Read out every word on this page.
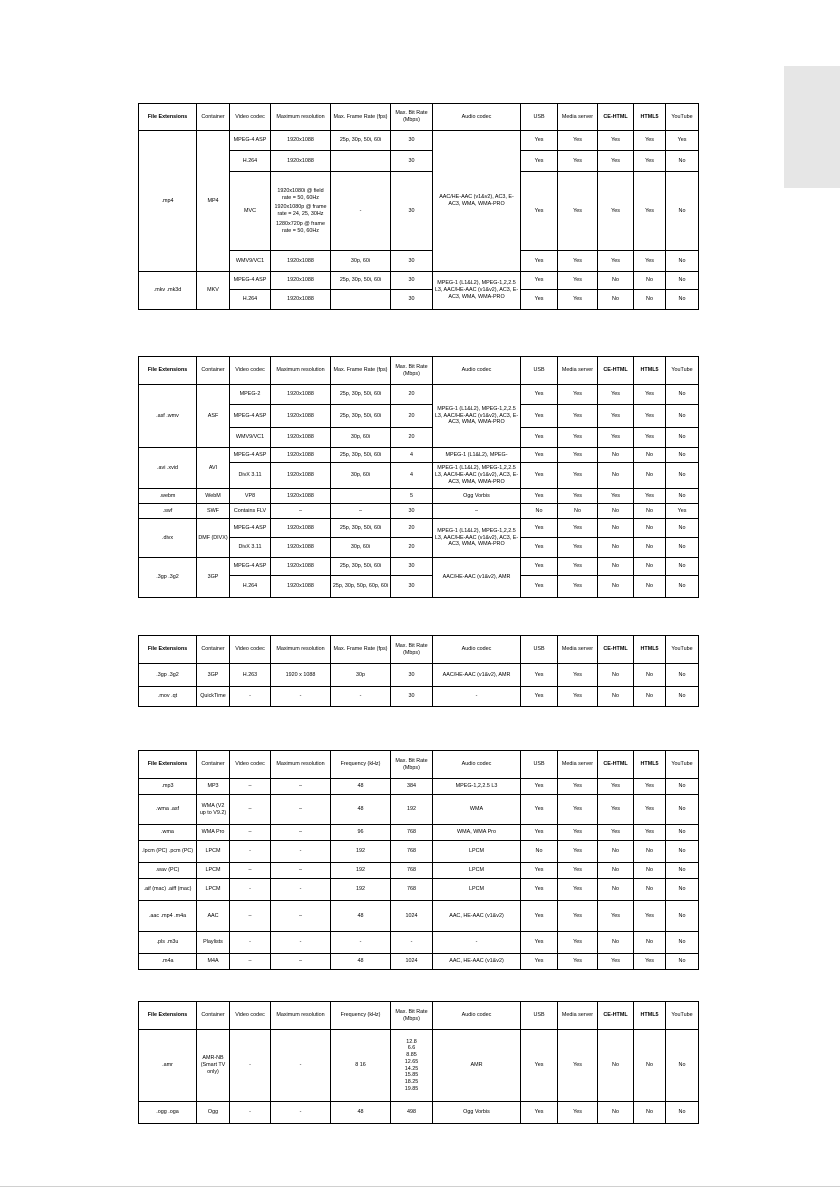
File Extensions	Container	Video codec	Maximum resolution	Max. Frame Rate (fps)	Max. Bit Rate (Mbps)	Audio codec	USB	Media server	CE-HTML	HTML5	YouTube
.mp4	MP4	MPEG-4 ASP	1920x1088	25p, 30p, 50i, 60i	30	AAC/HE-AAC (v1&v2), AC3, E-AC3, WMA, WMA-PRO	Yes	Yes	Yes	Yes	Yes
		H.264	1920x1088		30		Yes	Yes	Yes	Yes	No
		MVC	1920x1080i @ field rate = 50, 60Hz
1920x1080p @ frame rate = 24, 25, 30Hz
1280x720p @ frame rate = 50, 60Hz	-	30		Yes	Yes	Yes	Yes	No
		WMV9/VC1	1920x1088	30p, 60i	30		Yes	Yes	Yes	Yes	No
.mkv .mk3d	MKV	MPEG-4 ASP	1920x1088	25p, 30p, 50i, 60i	30	MPEG-1 (L1&L2), MPEG-1,2,2.5 L3, AAC/HE-AAC (v1&v2), AC3, E-AC3, WMA, WMA-PRO	Yes	Yes	No	No	No
		H.264	1920x1088		30		Yes	Yes	No	No	No
File Extensions	Container	Video codec	Maximum resolution	Max. Frame Rate (fps)	Max. Bit Rate (Mbps)	Audio codec	USB	Media server	CE-HTML	HTML5	YouTube
.asf .wmv	ASF	MPEG-2	1920x1088	25p, 30p, 50i, 60i	20	MPEG-1 (L1&L2), MPEG-1,2,2.5 L3, AAC/HE-AAC (v1&v2), AC3, E-AC3, WMA, WMA-PRO	Yes	Yes	Yes	Yes	No
		MPEG-4 ASP	1920x1088	25p, 30p, 50i, 60i	20		Yes	Yes	Yes	Yes	No
		WMV9/VC1	1920x1088	30p, 60i	20		Yes	Yes	Yes	Yes	No
.avi .xvid	AVI	MPEG-4 ASP	1920x1088	25p, 30p, 50i, 60i	4	MPEG-1 (L1&L2), MPEG-	Yes	Yes	No	No	No
		DivX 3.11	1920x1088	30p, 60i	4	MPEG-1 (L1&L2), MPEG-1,2,2.5 L3, AAC/HE-AAC (v1&v2), AC3, E-AC3, WMA, WMA-PRO	Yes	Yes	No	No	No
.webm	WebM	VP8	1920x1088		5	Ogg Vorbis	Yes	Yes	Yes	Yes	No
.swf	SWF	Contains FLV	–	–	30	–	No	No	No	No	Yes
.divx	DMF (DIVX)	MPEG-4 ASP	1920x1088	25p, 30p, 50i, 60i	20	MPEG-1 (L1&L2), MPEG-1,2,2.5 L3, AAC/HE-AAC (v1&v2), AC3, E-AC3, WMA, WMA-PRO	Yes	Yes	No	No	No
		DivX 3.11	1920x1088	30p, 60i	20		Yes	Yes	No	No	No
.3gp .3g2	3GP	MPEG-4 ASP	1920x1088	25p, 30p, 50i, 60i	30	AAC/HE-AAC (v1&v2), AMR	Yes	Yes	No	No	No
		H.264	1920x1088	25p, 30p, 50p, 60p, 60i	30		Yes	Yes	No	No	No
File Extensions	Container	Video codec	Maximum resolution	Max. Frame Rate (fps)	Max. Bit Rate (Mbps)	Audio codec	USB	Media server	CE-HTML	HTML5	YouTube
.3gp .3g2	3GP	H.263	1920 x 1088	30p	30	AAC/HE-AAC (v1&v2), AMR	Yes	Yes	No	No	No
.mov .qt	QuickTime	-	-	-	30	-	Yes	Yes	No	No	No
File Extensions	Container	Video codec	Maximum resolution	Frequency (kHz)	Max. Bit Rate (Mbps)	Audio codec	USB	Media server	CE-HTML	HTML5	YouTube
.mp3	MP3	–	–	48	384	MPEG-1,2,2.5 L3	Yes	Yes	Yes	Yes	No
.wma .asf	WMA (V2 up to V9.2)	–	–	48	192	WMA	Yes	Yes	Yes	Yes	No
.wma	WMA Pro	–	–	96	768	WMA, WMA Pro	Yes	Yes	Yes	Yes	No
.lpcm (PC) .pcm (PC)	LPCM	-	-	192	768	LPCM	No	Yes	No	No	No
.wav (PC)	LPCM	–	–	192	768	LPCM	Yes	Yes	No	No	No
.aif (mac) .aiff (mac)	LPCM	-	-	192	768	LPCM	Yes	Yes	No	No	No
.aac .mp4 .m4a	AAC	–	–	48	1024	AAC, HE-AAC (v1&v2)	Yes	Yes	Yes	Yes	No
.pls .m3u	Playlists	-	-	-	-	-	Yes	Yes	No	No	No
.m4a	M4A	–	–	48	1024	AAC, HE-AAC (v1&v2)	Yes	Yes	Yes	Yes	No
File Extensions	Container	Video codec	Maximum resolution	Frequency (kHz)	Max. Bit Rate (Mbps)	Audio codec	USB	Media server	CE-HTML	HTML5	YouTube
.amr	AMR-NB (Smart TV only)	-	-	8 16	12.8 6.6 8.85 12.65 14.25 15.85 18.25 19.85	AMR	Yes	Yes	No	No	No
.ogg .oga	Ogg	-	-	48	498	Ogg Vorbis	Yes	Yes	No	No	No
